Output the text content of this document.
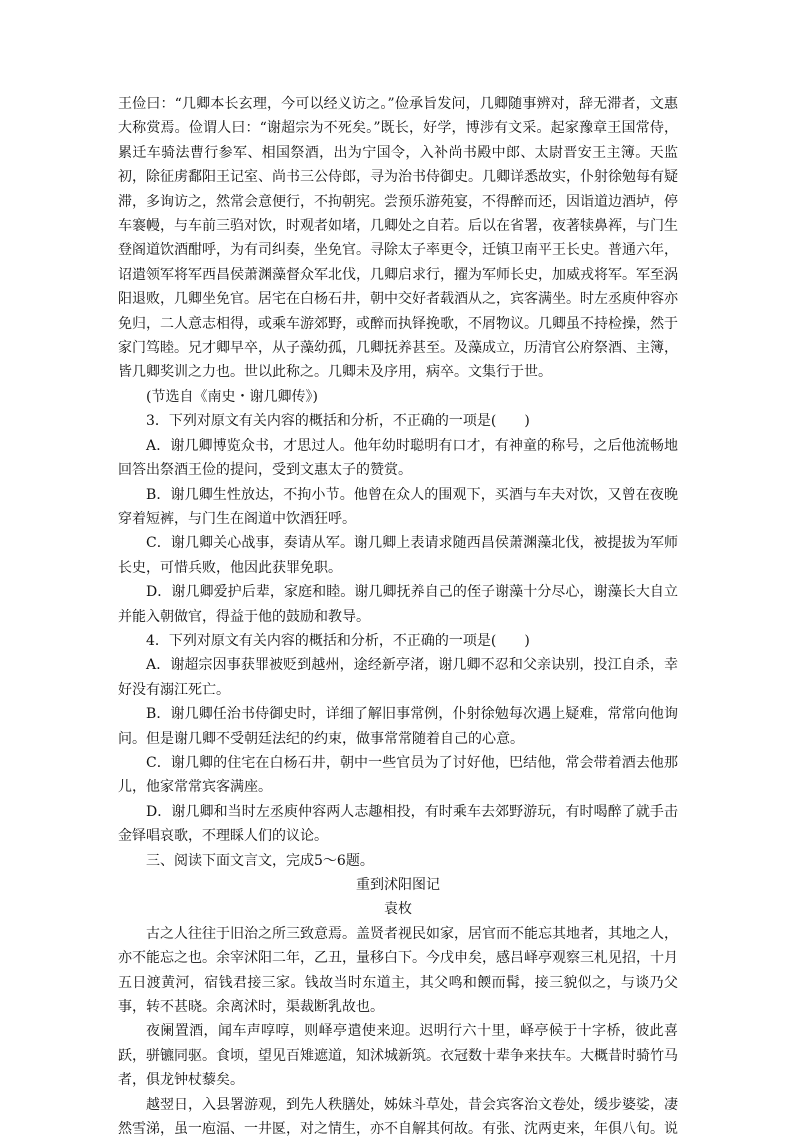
王俭曰：“几卿本长玄理，今可以经义访之。”俭承旨发问，几卿随事辨对，辞无滞者，文惠大称赏焉。俭谓人曰：“谢超宗为不死矣。”既长，好学，博涉有文采。起家豫章王国常侍，累迁车骑法曹行参军、相国祭酒，出为宁国令，入补尚书殿中郎、太尉晋安王主簿。天监初，除征虏鄱阳王记室、尚书三公侍郎，寻为治书侍御史。几卿详悉故实，仆射徐勉每有疑滞，多询访之，然常会意便行，不拘朝宪。尝预乐游苑宴，不得醉而还，因诣道边酒垆，停车褰幔，与车前三驺对饮，时观者如堵，几卿处之自若。后以在省署，夜著犊鼻裈，与门生登阁道饮酒酣呼，为有司纠奏，坐免官。寻除太子率更令，迁镇卫南平王长史。普通六年，诏遣领军将军西昌侯萧渊藻督众军北伐，几卿启求行，擢为军师长史，加威戎将军。军至涡阳退败，几卿坐免官。居宅在白杨石井，朝中交好者载酒从之，宾客满坐。时左丞庾仲容亦免归，二人意志相得，或乘车游郊野，或醉而执铎挽歌，不屑物议。几卿虽不持检操，然于家门笃睦。兄才卿早卒，从子藻幼孤，几卿抚养甚至。及藻成立，历清官公府祭酒、主簿，皆几卿奖训之力也。世以此称之。几卿未及序用，病卒。文集行于世。

(节选自《南史・谢几卿传》)

3．下列对原文有关内容的概括和分析，不正确的一项是(　　)

A．谢几卿博览众书，才思过人。他年幼时聪明有口才，有神童的称号，之后他流畅地回答出祭酒王俭的提问，受到文惠太子的赞赏。

B．谢几卿生性放达，不拘小节。他曾在众人的围观下，买酒与车夫对饮，又曾在夜晚穿着短裤，与门生在阁道中饮酒狂呼。

C．谢几卿关心战事，奏请从军。谢几卿上表请求随西昌侯萧渊藻北伐，被提拔为军师长史，可惜兵败，他因此获罪免职。

D．谢几卿爱护后辈，家庭和睦。谢几卿抚养自己的侄子谢藻十分尽心，谢藻长大自立并能入朝做官，得益于他的鼓励和教导。

4．下列对原文有关内容的概括和分析，不正确的一项是(　　)

A．谢超宗因事获罪被贬到越州，途经新亭渚，谢几卿不忍和父亲诀别，投江自杀，幸好没有溺江死亡。

B．谢几卿任治书侍御史时，详细了解旧事常例，仆射徐勉每次遇上疑难，常常向他询问。但是谢几卿不受朝廷法纪的约束，做事常常随着自己的心意。

C．谢几卿的住宅在白杨石井，朝中一些官员为了讨好他，巴结他，常会带着酒去他那儿，他家常常宾客满座。

D．谢几卿和当时左丞庾仲容两人志趣相投，有时乘车去郊野游玩，有时喝醉了就手击金铎唱哀歌，不理睬人们的议论。

三、阅读下面文言文，完成5～6题。

重到沭阳图记

袁枚

古之人往往于旧治之所三致意焉。盖贤者视民如家，居官而不能忘其地者，其地之人，亦不能忘之也。余宰沭阳二年，乙丑，量移白下。今戊申矣，感吕峄亭观察三札见招，十月五日渡黄河，宿钱君接三家。钱故当时东道主，其父鸣和餪而髯，接三貌似之，与谈乃父事，转不甚晓。余离沭时，渠裁断乳故也。

夜阑置酒，闻车声啍啍，则峄亭遣使来迎。迟明行六十里，峄亭候于十字桥，彼此喜跃，骈镳同驱。食顷，望见百雉遮道，知沭城新筑。衣冠数十辈争来扶车。大概昔时骑竹马者，俱龙钟杖藜矣。

越翌日，入县署游观，到先人秩膳处，姊妹斗草处，昔会宾客治文卷处，缓步婆娑，凄然雪涕，虽一庖湢、一井匽，对之情生，亦不自解其何故。有张、沈两吏来，年俱八旬。说
